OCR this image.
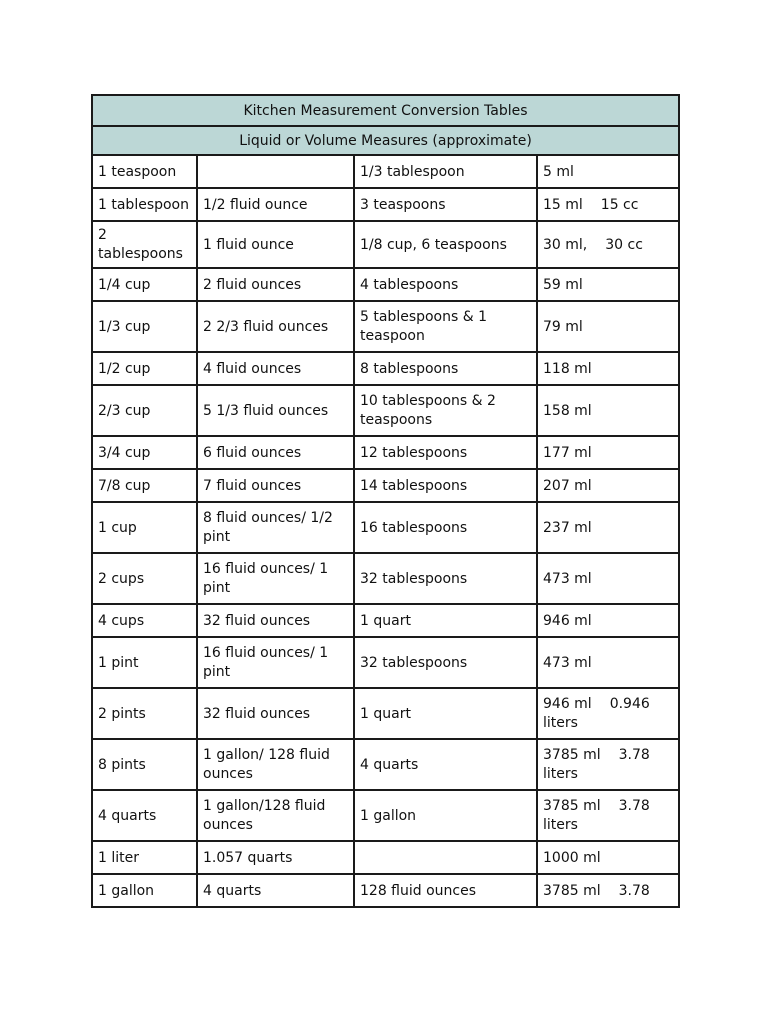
Kitchen Measurement Conversion Tables			
Liquid or Volume Measures (approximate)			
1 teaspoon		1/3 tablespoon	5 ml
1 tablespoon	1/2 fluid ounce	3 teaspoons	15 ml 15 cc
2 tablespoons	1 fluid ounce	1/8 cup, 6 teaspoons	30 ml, 30 cc
1/4 cup	2 fluid ounces	4 tablespoons	59 ml
1/3 cup	2 2/3 fluid ounces	5 tablespoons & 1 teaspoon	79 ml
1/2 cup	4 fluid ounces	8 tablespoons	118 ml
2/3 cup	5 1/3 fluid ounces	10 tablespoons & 2 teaspoons	158 ml
3/4 cup	6 fluid ounces	12 tablespoons	177 ml
7/8 cup	7 fluid ounces	14 tablespoons	207 ml
1 cup	8 fluid ounces/ 1/2 pint	16 tablespoons	237 ml
2 cups	16 fluid ounces/ 1 pint	32 tablespoons	473 ml
4 cups	32 fluid ounces	1 quart	946 ml
1 pint	16 fluid ounces/ 1 pint	32 tablespoons	473 ml
2 pints	32 fluid ounces	1 quart	946 ml 0.946 liters
8 pints	1 gallon/ 128 fluid ounces	4 quarts	3785 ml 3.78 liters
4 quarts	1 gallon/128 fluid ounces	1 gallon	3785 ml 3.78 liters
1 liter	1.057 quarts		1000 ml
1 gallon	4 quarts	128 fluid ounces	3785 ml 3.78
